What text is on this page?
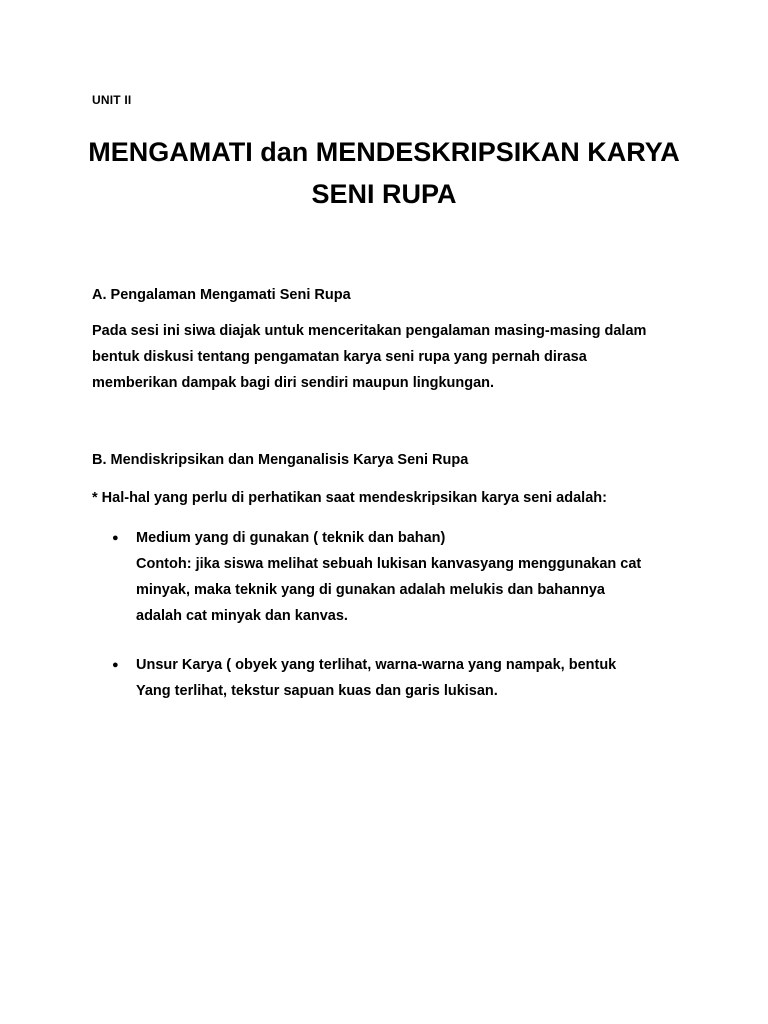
UNIT II
MENGAMATI dan MENDESKRIPSIKAN KARYA
SENI RUPA
A. Pengalaman Mengamati Seni Rupa

Pada sesi ini siwa diajak untuk menceritakan pengalaman masing-masing dalam
bentuk diskusi tentang pengamatan karya seni rupa yang pernah dirasa
memberikan dampak bagi diri sendiri maupun lingkungan.

B. Mendiskripsikan dan Menganalisis Karya Seni Rupa

* Hal-hal yang perlu di perhatikan saat mendeskripsikan karya seni adalah:

●	Medium yang di gunakan ( teknik dan bahan)
Contoh: jika siswa melihat sebuah lukisan kanvasyang menggunakan cat
minyak, maka teknik yang di gunakan adalah melukis dan bahannya
adalah cat minyak dan kanvas.
●	Unsur Karya ( obyek yang terlihat, warna-warna yang nampak, bentuk
Yang terlihat, tekstur sapuan kuas dan garis lukisan.
